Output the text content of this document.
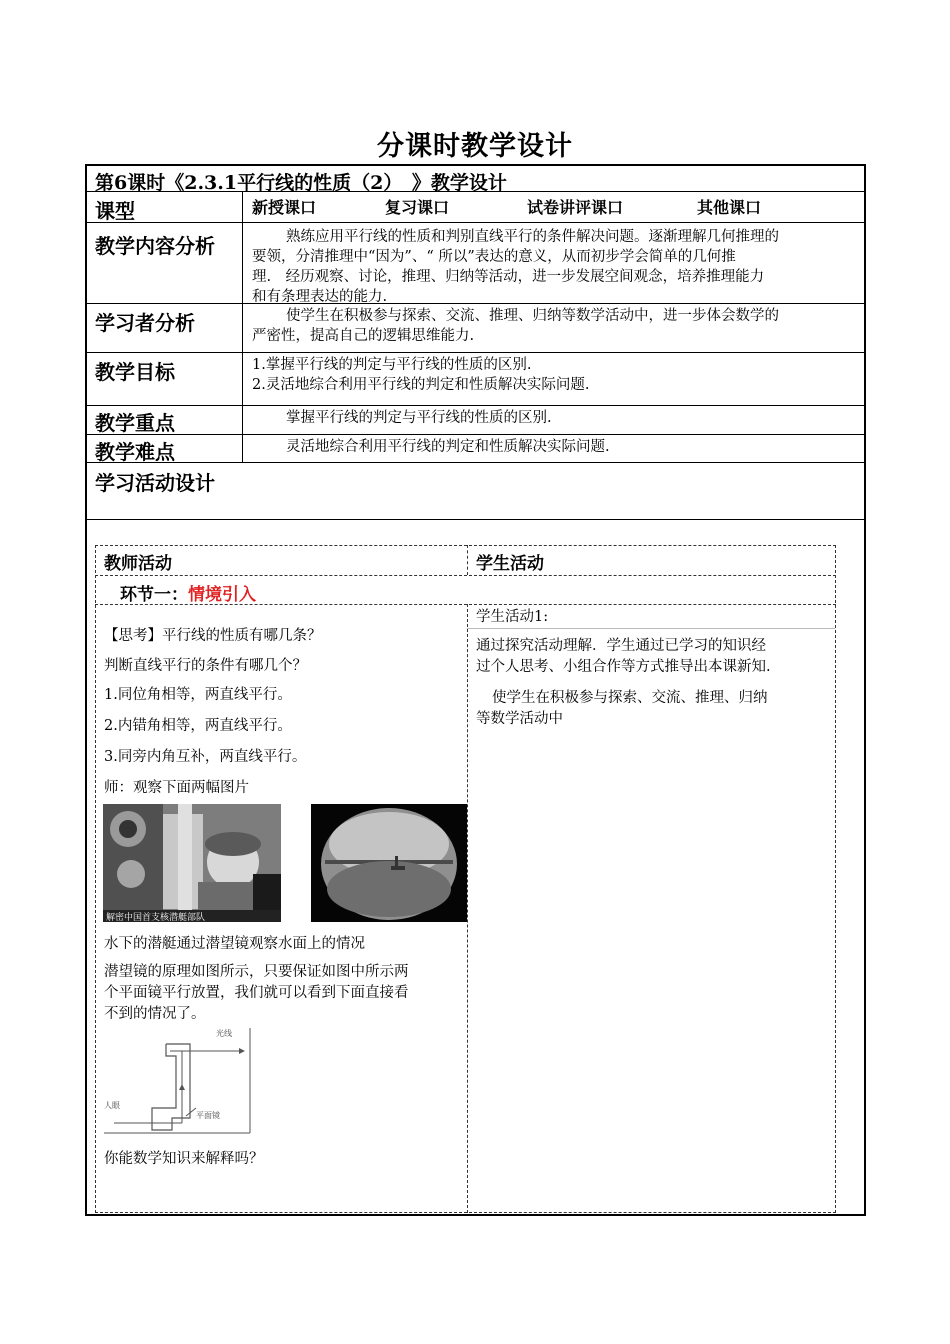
分课时教学设计
第6课时《2.3.1平行线的性质（2）　》教学设计
课型	新授课口	复习课口	试卷讲评课口	其他课口
教学内容分析	熟练应用平行线的性质和判别直线平行的条件解决问题。逐渐理解几何推理的
要领，分清推理中“因为”、“ 所以”表达的意义，从而初步学会简单的几何推
理.　经历观察、讨论，推理、归纳等活动，进一步发展空间观念，培养推理能力
和有条理表达的能力.
学习者分析	使学生在积极参与探索、交流、推理、归纳等数学活动中，进一步体会数学的
严密性，提高自己的逻辑思维能力.
教学目标	1.掌握平行线的判定与平行线的性质的区别.
2.灵活地综合利用平行线的判定和性质解决实际问题.
教学重点	掌握平行线的判定与平行线的性质的区别.
教学难点	灵活地综合利用平行线的判定和性质解决实际问题.
学习活动设计
教师活动	学生活动
环节一：情境引入
【思考】平行线的性质有哪几条？
判断直线平行的条件有哪几个？
1.同位角相等，两直线平行。
2.内错角相等，两直线平行。
3.同旁内角互补，两直线平行。
师：观察下面两幅图片
解密中国首支核潜艇部队
水下的潜艇通过潜望镜观察水面上的情况
潜望镜的原理如图所示，只要保证如图中所示两
个平面镜平行放置，我们就可以看到下面直接看
不到的情况了。
光线
人眼
平面镜
你能数学知识来解释吗？
学生活动1:
通过探究活动理解．学生通过已学习的知识经
过个人思考、小组合作等方式推导出本课新知.
使学生在积极参与探索、交流、推理、归纳
等数学活动中
